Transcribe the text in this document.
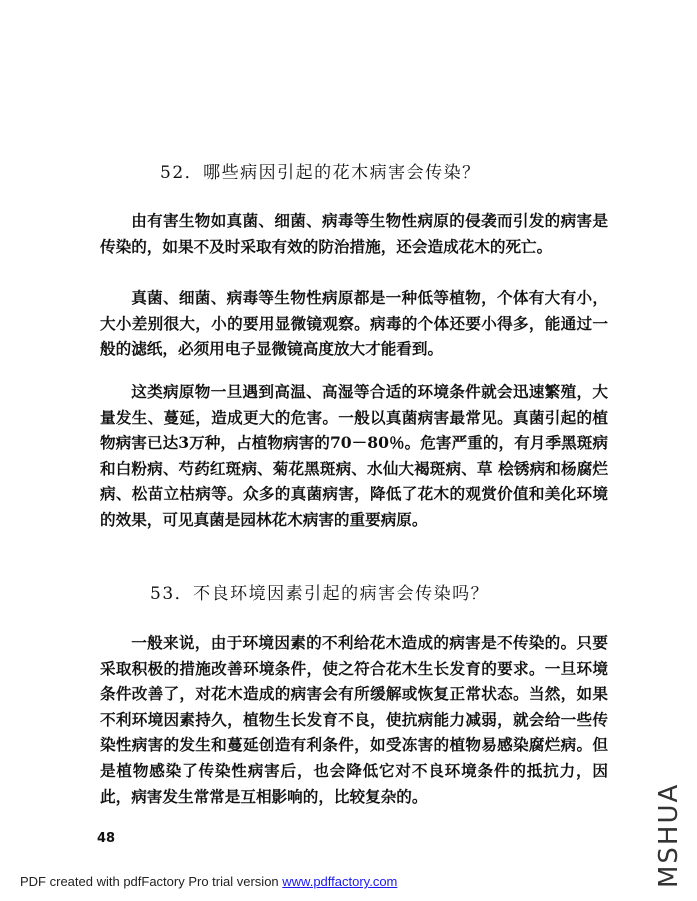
52．哪些病因引起的花木病害会传染？

由有害生物如真菌、细菌、病毒等生物性病原的侵袭而引发的病害是传染的，如果不及时采取有效的防治措施，还会造成花木的死亡。

真菌、细菌、病毒等生物性病原都是一种低等植物，个体有大有小，大小差别很大，小的要用显微镜观察。病毒的个体还要小得多，能通过一般的滤纸，必须用电子显微镜高度放大才能看到。

这类病原物一旦遇到高温、高湿等合适的环境条件就会迅速繁殖，大量发生、蔓延，造成更大的危害。一般以真菌病害最常见。真菌引起的植物病害已达3万种，占植物病害的70－80％。危害严重的，有月季黑斑病和白粉病、芍药红斑病、菊花黑斑病、水仙大褐斑病、草 桧锈病和杨腐烂病、松苗立枯病等。众多的真菌病害，降低了花木的观赏价值和美化环境的效果，可见真菌是园林花木病害的重要病原。

53．不良环境因素引起的病害会传染吗？

一般来说，由于环境因素的不利给花木造成的病害是不传染的。只要采取积极的措施改善环境条件，使之符合花木生长发育的要求。一旦环境条件改善了，对花木造成的病害会有所缓解或恢复正常状态。当然，如果不利环境因素持久，植物生长发育不良，使抗病能力减弱，就会给一些传染性病害的发生和蔓延创造有利条件，如受冻害的植物易感染腐烂病。但是植物感染了传染性病害后，也会降低它对不良环境条件的抵抗力，因此，病害发生常常是互相影响的，比较复杂的。

48
PDF created with pdfFactory Pro trial version www.pdffactory.com	MSHUA
